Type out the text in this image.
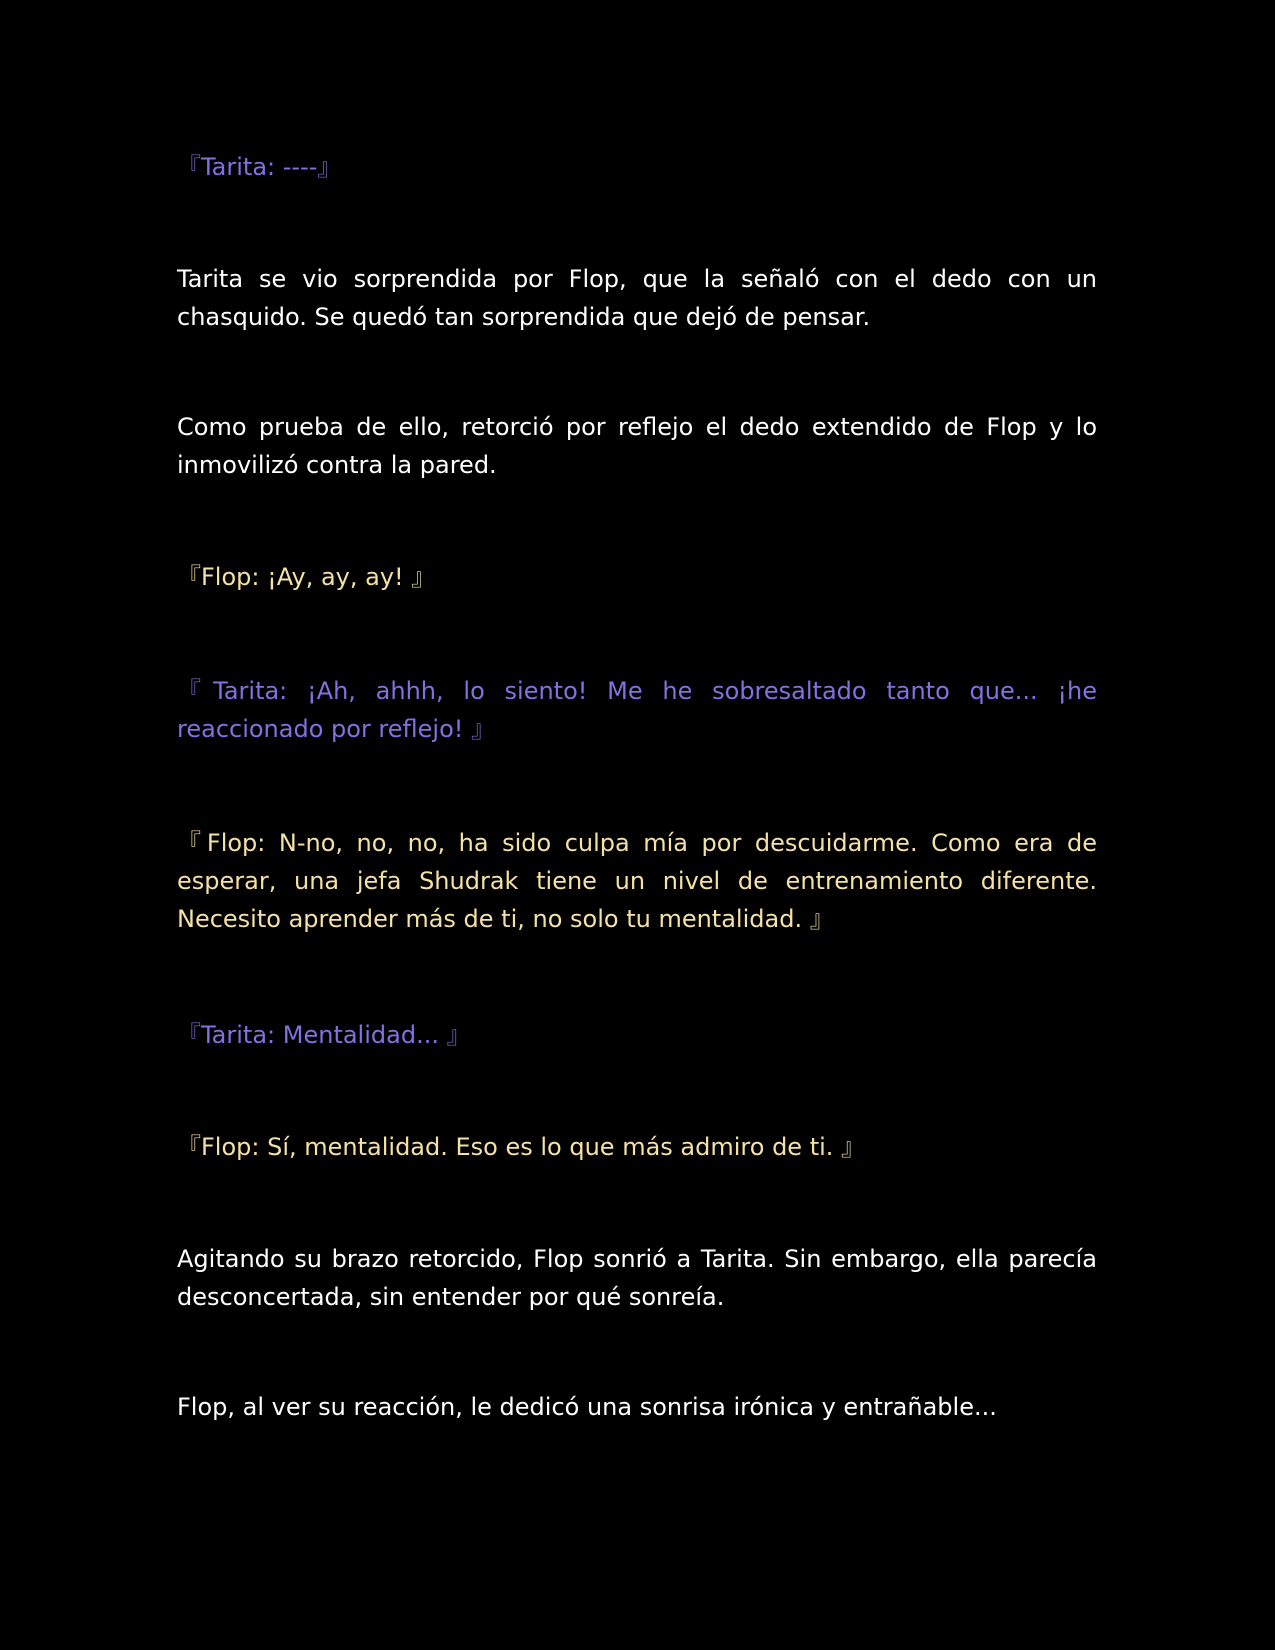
『Tarita: ----』

Tarita se vio sorprendida por Flop, que la señaló con el dedo con un chasquido. Se quedó tan sorprendida que dejó de pensar.

Como prueba de ello, retorció por reflejo el dedo extendido de Flop y lo inmovilizó contra la pared.

『Flop: ¡Ay, ay, ay! 』

『Tarita: ¡Ah, ahhh, lo siento! Me he sobresaltado tanto que... ¡he reaccionado por reflejo! 』

『Flop: N-no, no, no, ha sido culpa mía por descuidarme. Como era de esperar, una jefa Shudrak tiene un nivel de entrenamiento diferente. Necesito aprender más de ti, no solo tu mentalidad. 』

『Tarita: Mentalidad... 』

『Flop: Sí, mentalidad. Eso es lo que más admiro de ti. 』

Agitando su brazo retorcido, Flop sonrió a Tarita. Sin embargo, ella parecía desconcertada, sin entender por qué sonreía.

Flop, al ver su reacción, le dedicó una sonrisa irónica y entrañable...
